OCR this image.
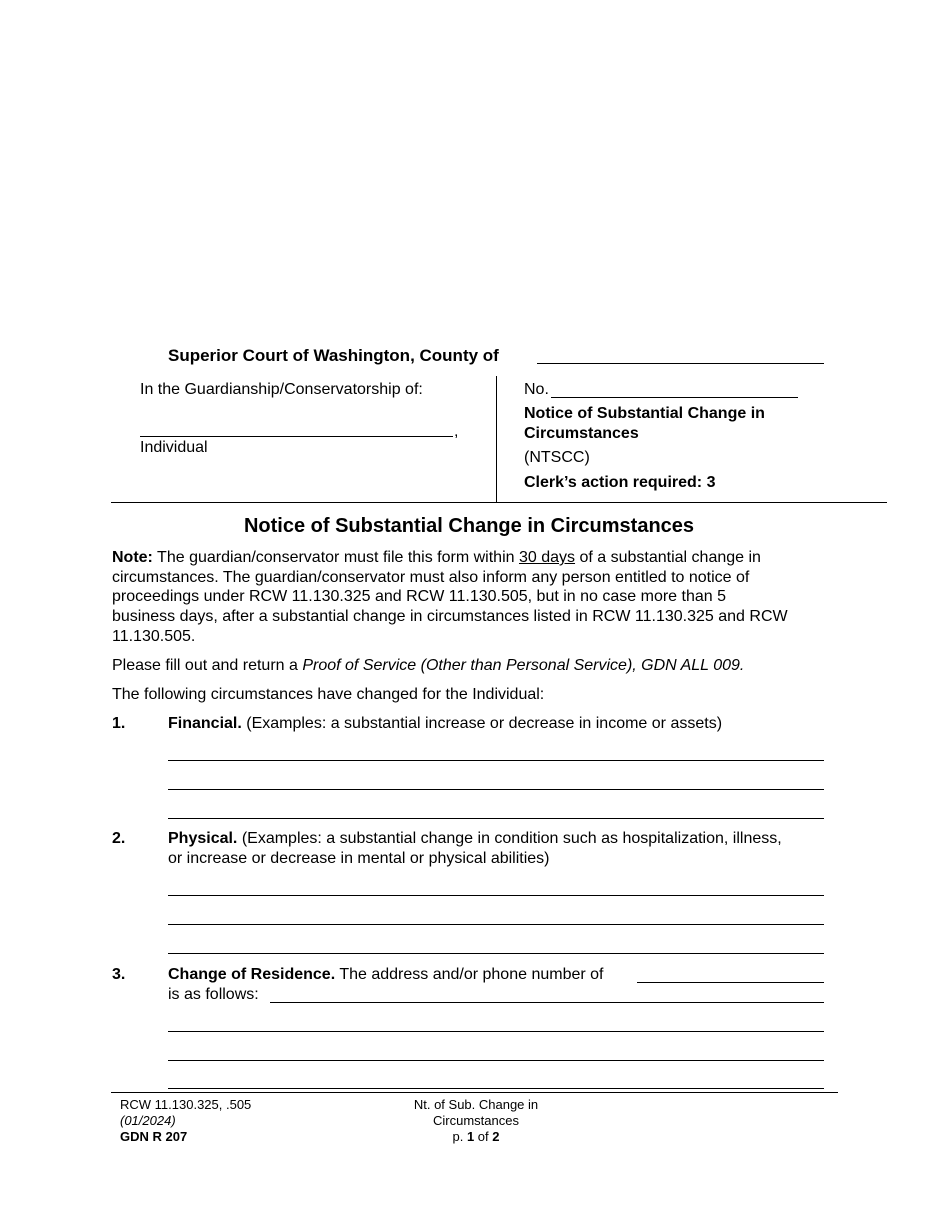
Superior Court of Washington, County of
In the Guardianship/Conservatorship of:
,
Individual
No.
Notice of Substantial Change in
Circumstances
(NTSCC)
Clerk’s action required: 3
Notice of Substantial Change in Circumstances
Note: The guardian/conservator must file this form within 30 days of a substantial change in
circumstances. The guardian/conservator must also inform any person entitled to notice of
proceedings under RCW 11.130.325 and RCW 11.130.505, but in no case more than 5
business days, after a substantial change in circumstances listed in RCW 11.130.325 and RCW
11.130.505.
Please fill out and return a Proof of Service (Other than Personal Service), GDN ALL 009.
The following circumstances have changed for the Individual:
1.	Financial. (Examples: a substantial increase or decrease in income or assets)
2.	Physical. (Examples: a substantial change in condition such as hospitalization, illness,
or increase or decrease in mental or physical abilities)
3.	Change of Residence. The address and/or phone number of
is as follows:
RCW 11.130.325, .505
(01/2024)
GDN R 207
Nt. of Sub. Change in
Circumstances
p. 1 of 2
